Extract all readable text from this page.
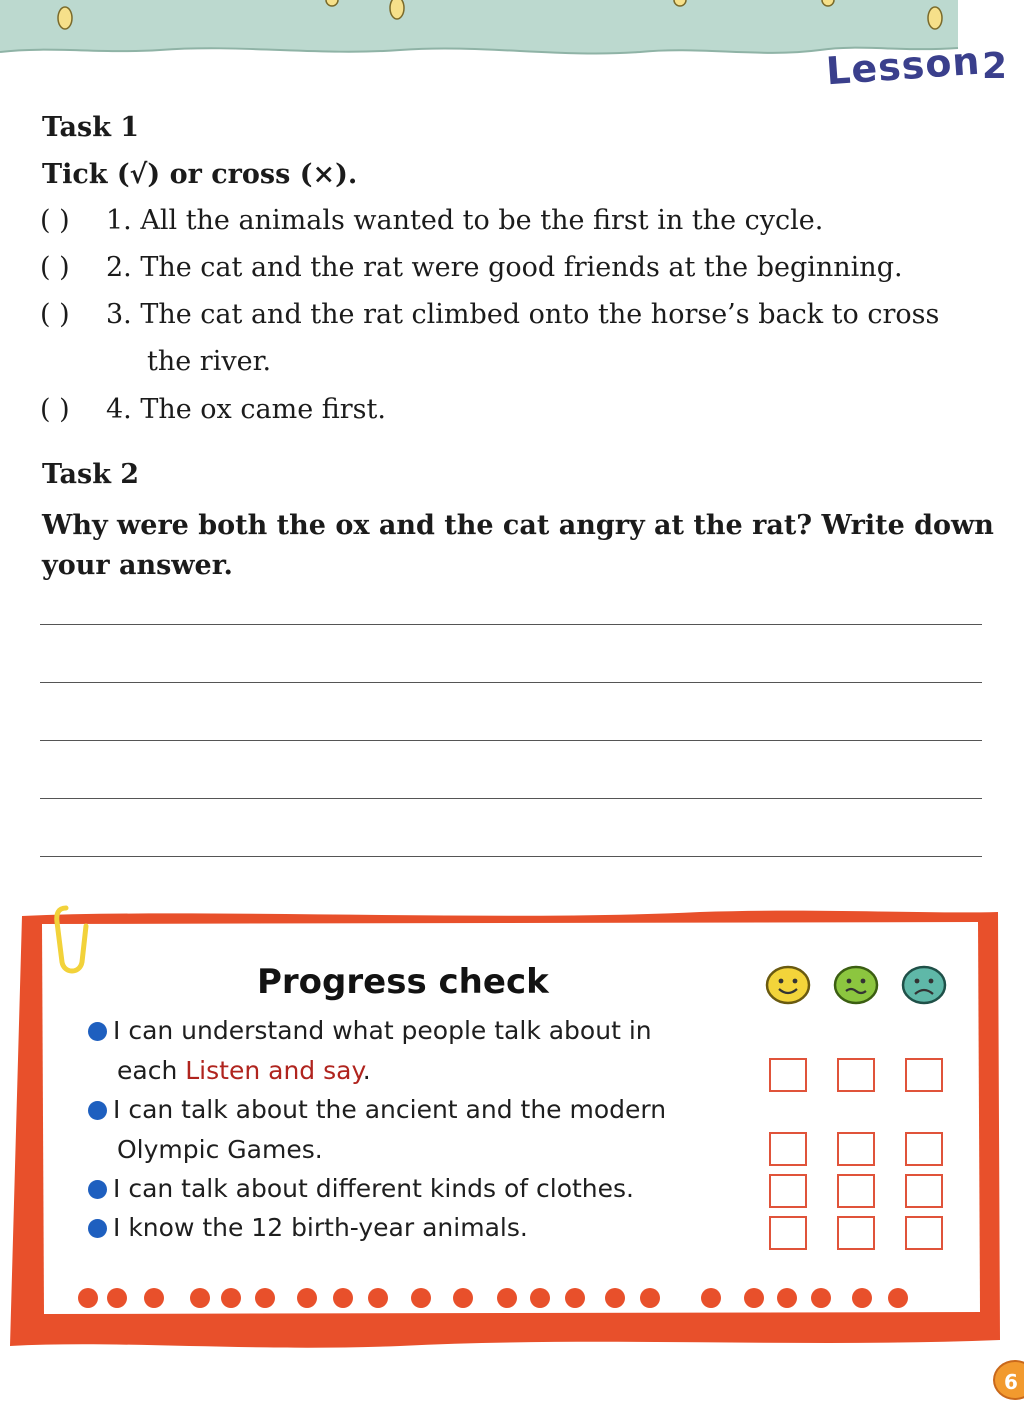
Lesson 2
Task 1
Tick (√) or cross (×).
( ) 1. All the animals wanted to be the first in the cycle.
( ) 2. The cat and the rat were good friends at the beginning.
( ) 3. The cat and the rat climbed onto the horse’s back to cross
the river.
( ) 4. The ox came first.
Task 2
Why were both the ox and the cat angry at the rat? Write down your answer.
Progress check
I can understand what people talk about in
each Listen and say.
I can talk about the ancient and the modern
Olympic Games.
I can talk about different kinds of clothes.
I know the 12 birth-year animals.
6
